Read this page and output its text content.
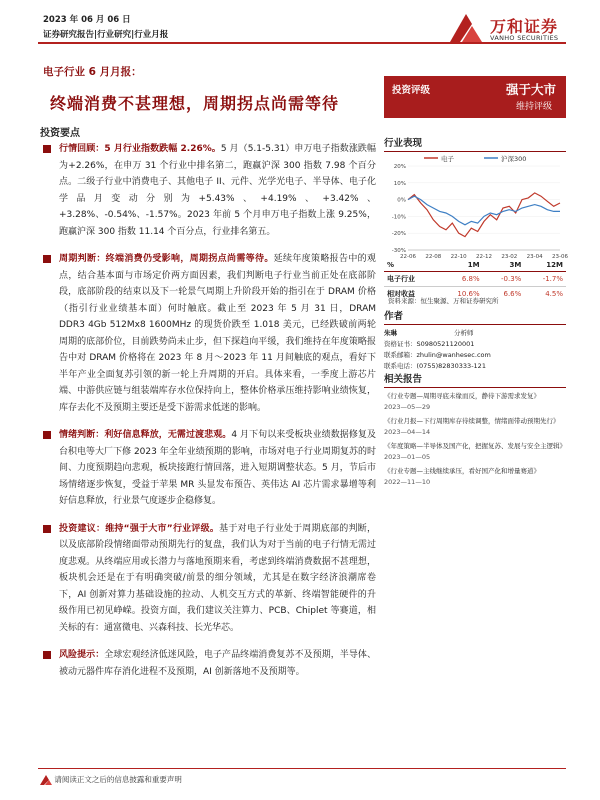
2023 年 06 月 06 日
证券研究报告|行业研究|行业月报	万和证券
VANHO SECURITIES
电子行业 6 月月报：
终端消费不甚理想，周期拐点尚需等待
投资评级	强于大市
维持评级
投资要点
行情回顾：5 月行业指数跌幅 2.26%。5 月（5.1-5.31）申万电子指数涨跌幅为+2.26%，在申万 31 个行业中排名第二，跑赢沪深 300 指数 7.98 个百分点。二级子行业中消费电子、其他电子 II、元件、光学光电子、半导体、电子化学品月变动分别为+5.43%、+4.19%、+3.42%、+3.28%、-0.54%、-1.57%。2023 年前 5 个月申万电子指数上涨 9.25%，跑赢沪深 300 指数 11.14 个百分点，行业排名第五。
周期判断：终端消费仍受影响，周期拐点尚需等待。延续年度策略报告中的观点，结合基本面与市场定价两方面因素，我们判断电子行业当前正处在底部阶段，底部阶段的结束以及下一轮景气周期上升阶段开始的指引在于 DRAM 价格（指引行业业绩基本面）何时触底。截止至 2023 年 5 月 31 日，DRAM DDR3 4Gb 512Mx8 1600MHz 的现货价跌至 1.018 美元，已经跌破前两轮周期的底部价位，目前跌势尚未止步，但下探趋向平缓，我们维持在年度策略报告中对 DRAM 价格将在 2023 年 8 月～2023 年 11 月间触底的观点，看好下半年产业全面复苏引领的新一轮上升周期的开启。具体来看，一季度上游芯片端、中游供应链与组装端库存水位保持向上，整体价格承压维持影响业绩恢复，库存去化不及预期主要还是受下游需求低迷的影响。
情绪判断：利好信息释放，无需过渡悲观。4 月下旬以来受板块业绩数据修复及台积电等大厂下修 2023 年全年业绩预期的影响，市场对电子行业周期复苏的时间、力度预期趋向悲观，板块接跑行情回落，进入短期调整状态。5 月，节后市场情绪逐步恢复，受益于苹果 MR 头显发布预告、英伟达 AI 芯片需求暴增等利好信息释放，行业景气度逐步企稳修复。
投资建议：维持“强于大市”行业评级。基于对电子行业处于周期底部的判断，以及底部阶段情绪面带动预期先行的复盘，我们认为对于当前的电子行情无需过度悲观。从终端应用或长潜力与落地预期来看，考虑到终端消费数据不甚理想，板块机会还是在于有明确突破/前景的细分领域，尤其是在数字经济浪潮席卷下，AI 创新对算力基础设施的拉动、人机交互方式的革新、终端智能硬件的升级作用已初见峥嵘。投资方面，我们建议关注算力、PCB、Chiplet 等赛道，相关标的有：通富微电、兴森科技、长光华芯。
风险提示：全球宏观经济低迷风险，电子产品终端消费复苏不及预期，半导体、被动元器件库存消化进程不及预期，AI 创新落地不及预期等。
行业表现
电子	沪深300
-30%
-20%
-10%
0%
10%
20%
22-06 22-08 22-10 22-12 23-02 23-04 23-06
%	1M	3M	12M
电子行业	6.8%	-0.3%	-1.7%
相对收益	10.6%	6.6%	4.5%
资料来源：恒生聚源、万和证券研究所
作者
朱琳	分析师
资格证书：S0980521120001
联系邮箱：zhulin@wanhesec.com
联系电话：(0755)82830333-121
相关报告
《行业专题—周期寻底未缘而反，静待下游需求发复》
2023—05—29
《行业月报—下行周期库存待续调整，情绪面带动预期先行》
2023—04—14
《年度策略—半导体及国产化，把握复苏、发展与安全主逻辑》
2023—01—05
《行业专题—主线继续承压，看好国产化和增量赛道》
2022—11—10
请阅读正文之后的信息披露和重要声明
